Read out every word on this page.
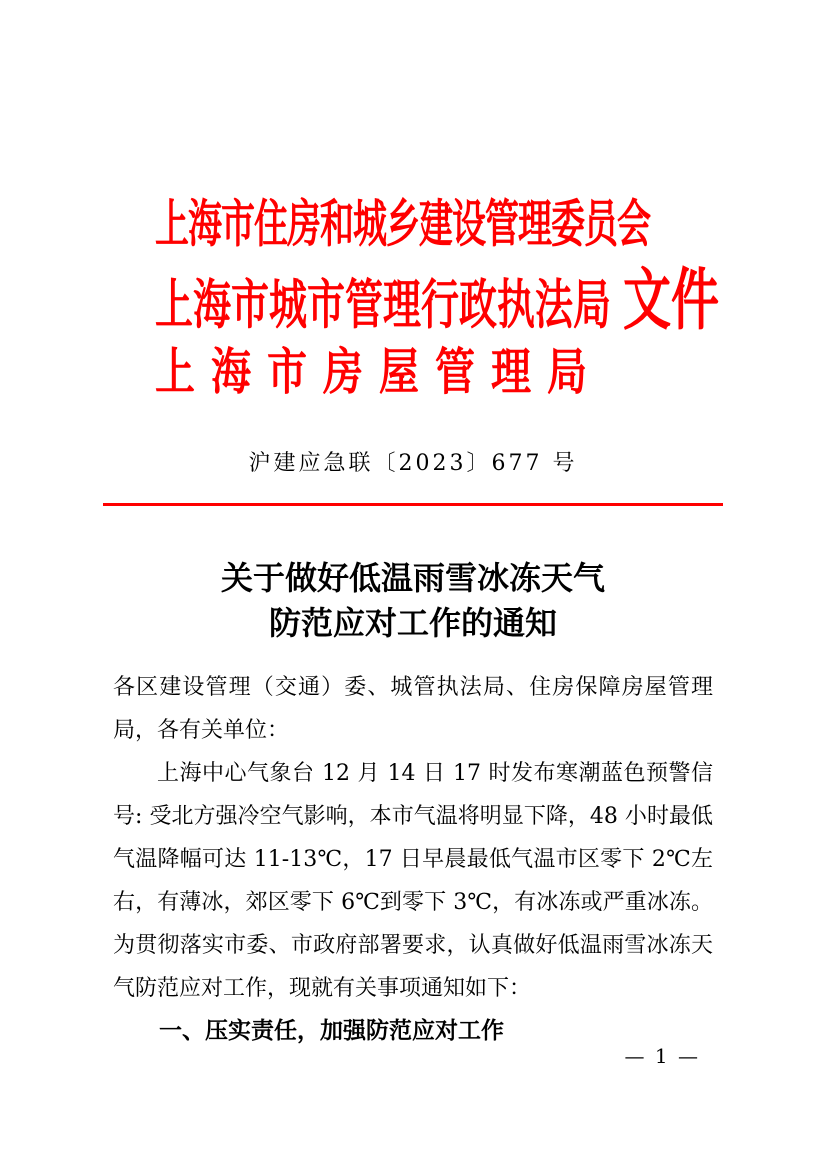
上海市住房和城乡建设管理委员会
上海市城市管理行政执法局 文件
上海市房屋管理局
沪建应急联〔2023〕677 号
关于做好低温雨雪冰冻天气
防范应对工作的通知

各区建设管理（交通）委、城管执法局、住房保障房屋管理局，各有关单位：

上海中心气象台 12 月 14 日 17 时发布寒潮蓝色预警信号: 受北方强冷空气影响，本市气温将明显下降，48 小时最低气温降幅可达 11-13℃，17 日早晨最低气温市区零下 2℃左右，有薄冰，郊区零下 6℃到零下 3℃，有冰冻或严重冰冻。为贯彻落实市委、市政府部署要求，认真做好低温雨雪冰冻天气防范应对工作，现就有关事项通知如下：

一、压实责任，加强防范应对工作

— 1 —
